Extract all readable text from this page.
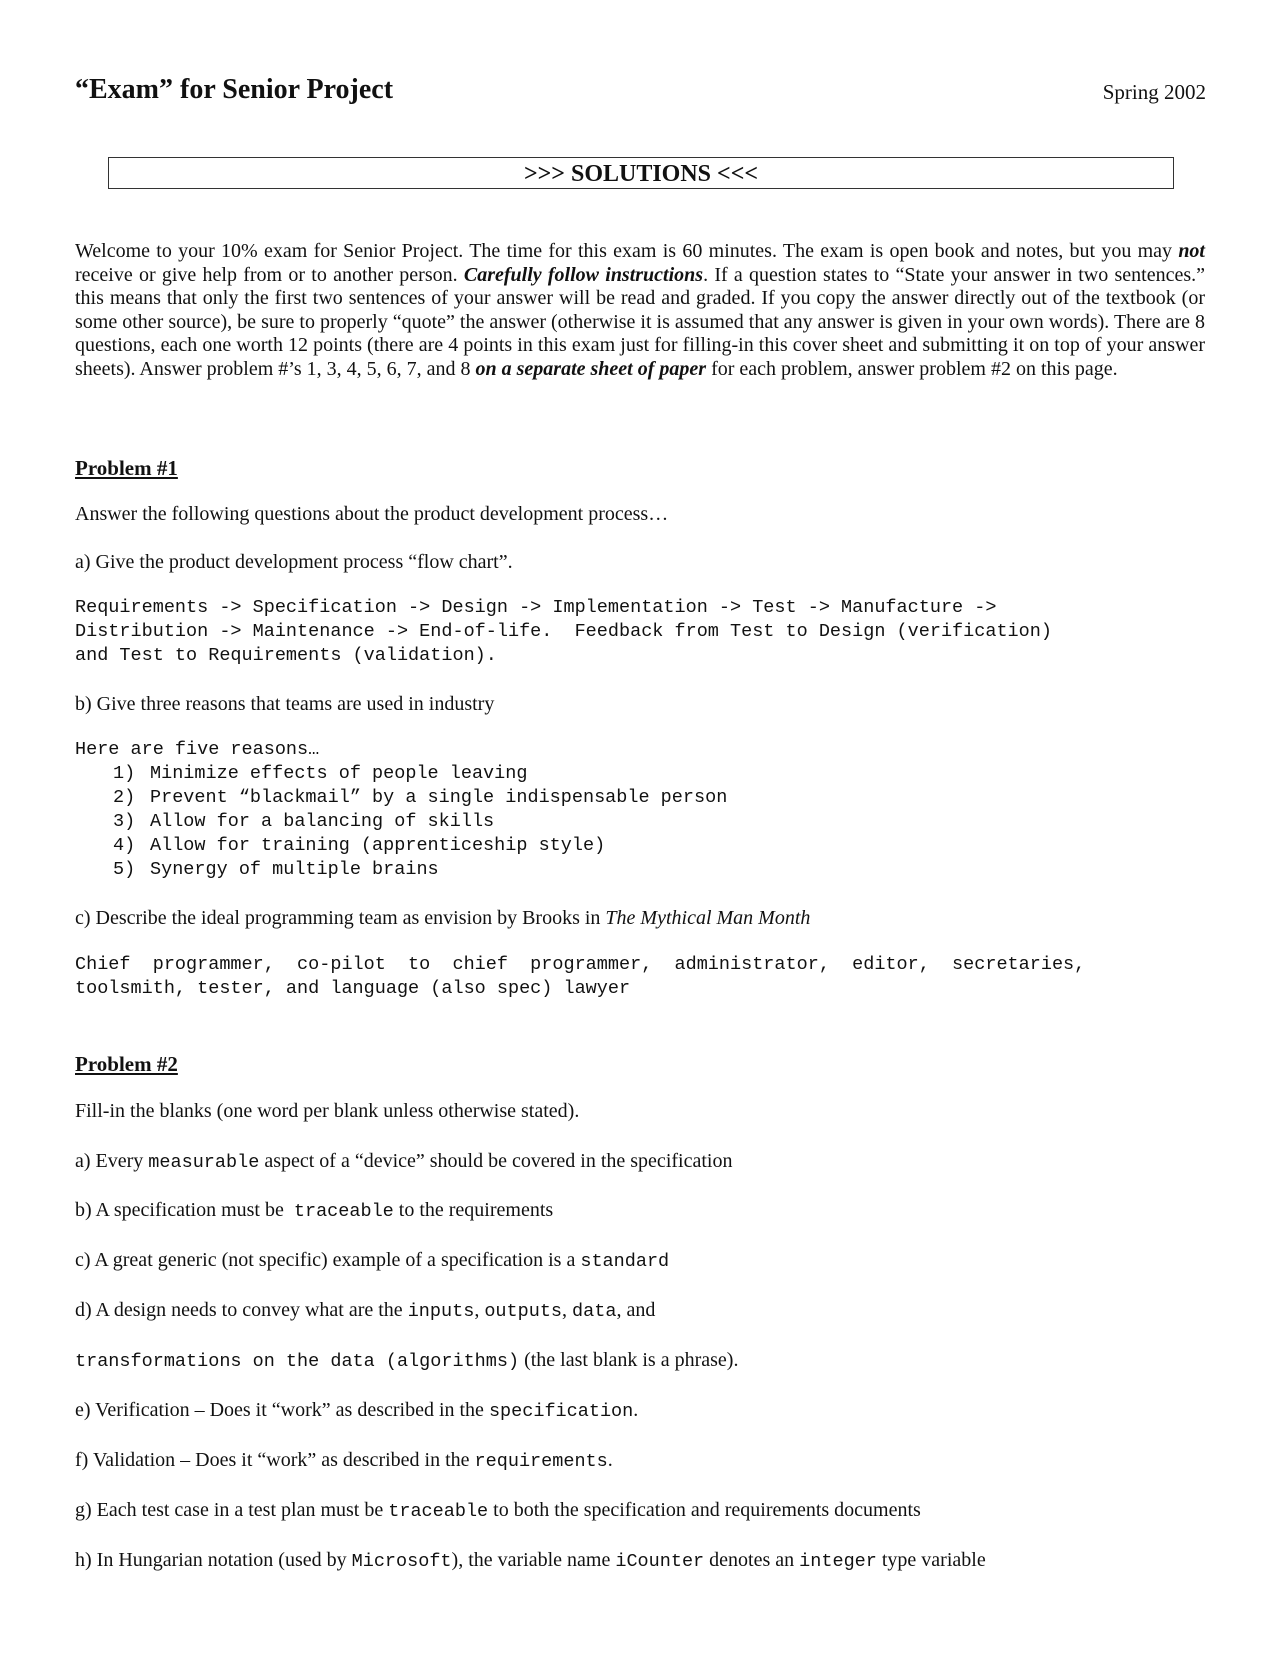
“Exam” for Senior Project	Spring 2002
>>> SOLUTIONS <<<
Welcome to your 10% exam for Senior Project. The time for this exam is 60 minutes. The exam is open book and notes, but you may not receive or give help from or to another person. Carefully follow instructions. If a question states to “State your answer in two sentences.” this means that only the first two sentences of your answer will be read and graded. If you copy the answer directly out of the textbook (or some other source), be sure to properly “quote” the answer (otherwise it is assumed that any answer is given in your own words). There are 8 questions, each one worth 12 points (there are 4 points in this exam just for filling-in this cover sheet and submitting it on top of your answer sheets). Answer problem #’s 1, 3, 4, 5, 6, 7, and 8 on a separate sheet of paper for each problem, answer problem #2 on this page.
Problem #1
Answer the following questions about the product development process…
a) Give the product development process “flow chart”.
Requirements -> Specification -> Design -> Implementation -> Test -> Manufacture ->
Distribution -> Maintenance -> End-of-life.  Feedback from Test to Design (verification)
and Test to Requirements (validation).
b) Give three reasons that teams are used in industry
Here are five reasons…
1) Minimize effects of people leaving
2) Prevent “blackmail” by a single indispensable person
3) Allow for a balancing of skills
4) Allow for training (apprenticeship style)
5) Synergy of multiple brains
c) Describe the ideal programming team as envision by Brooks in The Mythical Man Month
Chief  programmer,  co-pilot  to  chief  programmer,  administrator,  editor,  secretaries,
toolsmith, tester, and language (also spec) lawyer
Problem #2
Fill-in the blanks (one word per blank unless otherwise stated).
a) Every measurable aspect of a “device” should be covered in the specification
b) A specification must be  traceable to the requirements
c) A great generic (not specific) example of a specification is a standard
d) A design needs to convey what are the inputs, outputs, data, and
transformations on the data (algorithms) (the last blank is a phrase).
e) Verification – Does it “work” as described in the specification.
f) Validation – Does it “work” as described in the requirements.
g) Each test case in a test plan must be traceable to both the specification and requirements documents
h) In Hungarian notation (used by Microsoft), the variable name iCounter denotes an integer type variable
